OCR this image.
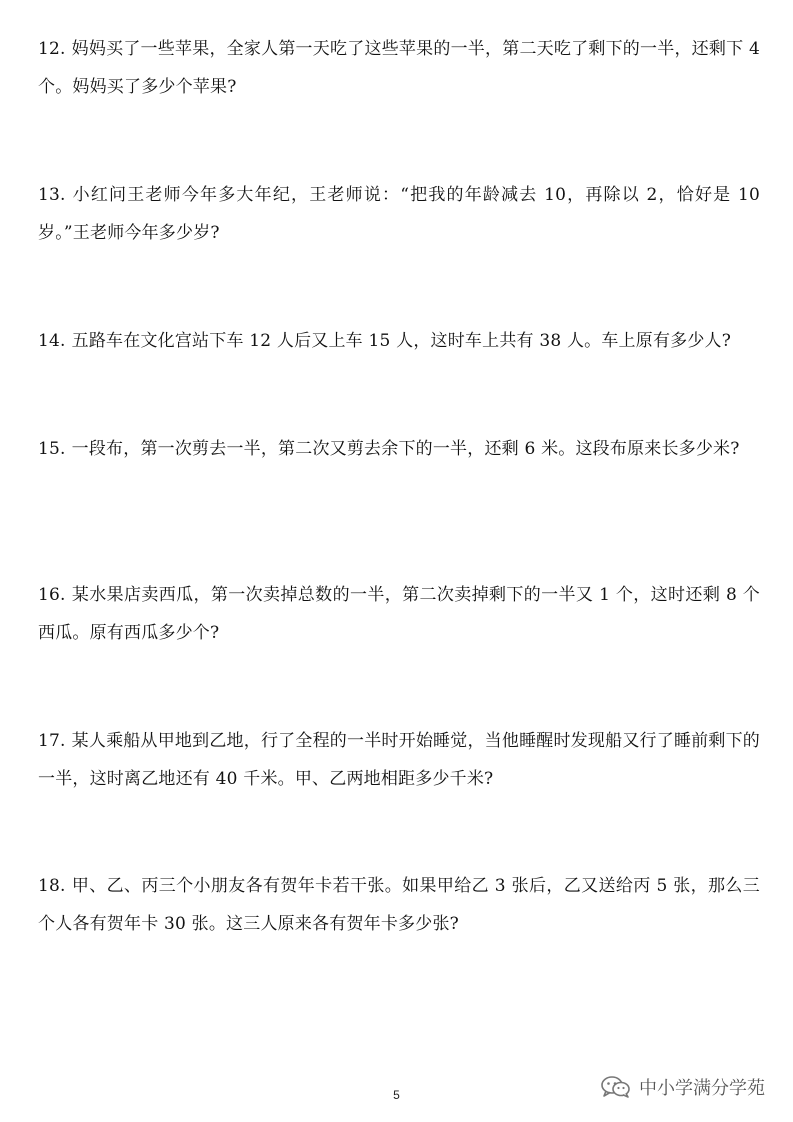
12. 妈妈买了一些苹果，全家人第一天吃了这些苹果的一半，第二天吃了剩下的一半，还剩下 4 个。妈妈买了多少个苹果?
13. 小红问王老师今年多大年纪，王老师说：“把我的年龄减去 10，再除以 2，恰好是 10 岁。”王老师今年多少岁?
14. 五路车在文化宫站下车 12 人后又上车 15 人，这时车上共有 38 人。车上原有多少人?
15. 一段布，第一次剪去一半，第二次又剪去余下的一半，还剩 6 米。这段布原来长多少米?
16. 某水果店卖西瓜，第一次卖掉总数的一半，第二次卖掉剩下的一半又 1 个，这时还剩 8 个西瓜。原有西瓜多少个?
17. 某人乘船从甲地到乙地，行了全程的一半时开始睡觉，当他睡醒时发现船又行了睡前剩下的一半，这时离乙地还有 40 千米。甲、乙两地相距多少千米?
18. 甲、乙、丙三个小朋友各有贺年卡若干张。如果甲给乙 3 张后，乙又送给丙 5 张，那么三个人各有贺年卡 30 张。这三人原来各有贺年卡多少张?
5	中小学满分学苑
